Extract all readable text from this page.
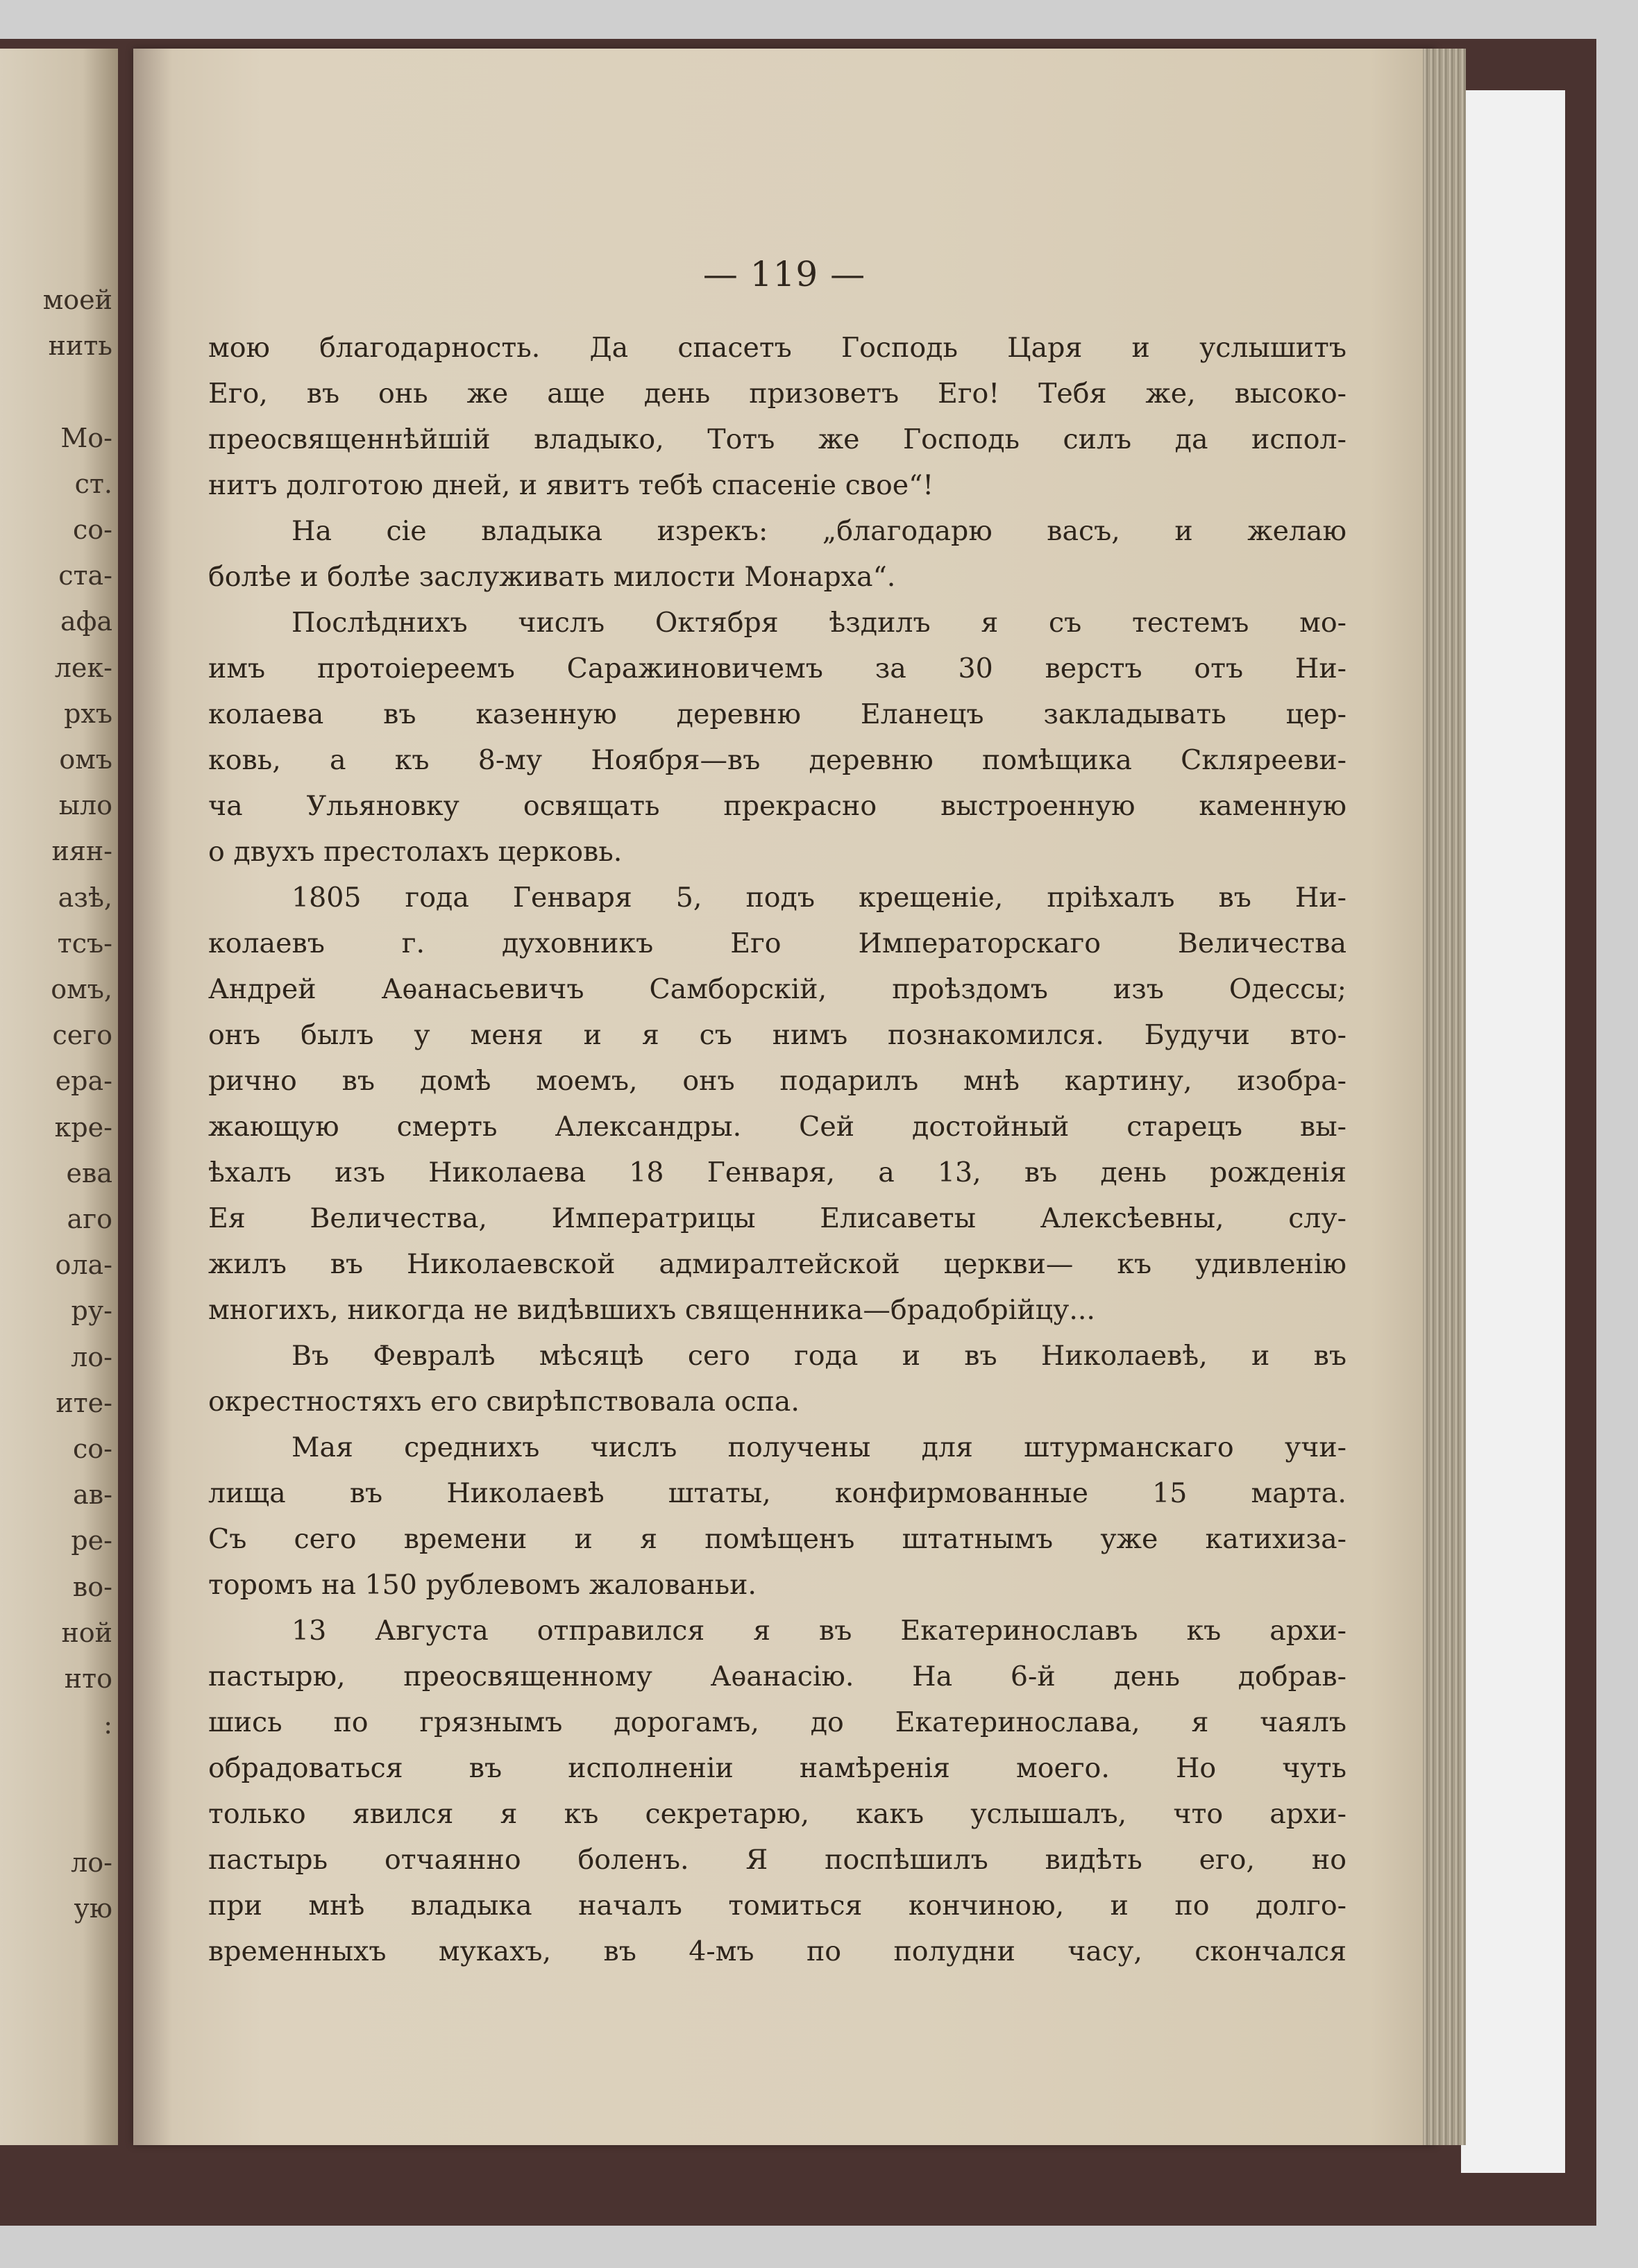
моей
нить
Мо-
ст.
со-
ста-
афа
лек-
рхъ
омъ
ыло
иян-
азѣ,
тсъ-
омъ,
сего
ера-
кре-
ева
аго
ола-
ру-
ло-
ите-
со-
ав-
ре-
во-
ной
нто
:
ло-
ую
— 119 —
мою благодарность. Да спасетъ Господь Царя и услышитъ
Его, въ онь же аще день призоветъ Его! Тебя же, высоко-
преосвященнѣйшій владыко, Тотъ же Господь силъ да испол-
нитъ долготою дней, и явитъ тебѣ спасеніе свое“!
На сіе владыка изрекъ: „благодарю васъ, и желаю
болѣе и болѣе заслуживать милости Монарха“.
Послѣднихъ числъ Октября ѣздилъ я съ тестемъ мо-
имъ протоіереемъ Саражиновичемъ за 30 верстъ отъ Ни-
колаева въ казенную деревню Еланецъ закладывать цер-
ковь, а къ 8-му Ноября—въ деревню помѣщика Склярееви-
ча Ульяновку освящать прекрасно выстроенную каменную
о двухъ престолахъ церковь.
1805 года Генваря 5, подъ крещеніе, пріѣхалъ въ Ни-
колаевъ г. духовникъ Его Императорскаго Величества
Андрей Аѳанасьевичъ Самборскій, проѣздомъ изъ Одессы;
онъ былъ у меня и я съ нимъ познакомился. Будучи вто-
рично въ домѣ моемъ, онъ подарилъ мнѣ картину, изобра-
жающую смерть Александры. Сей достойный старецъ вы-
ѣхалъ изъ Николаева 18 Генваря, а 13, въ день рожденія
Ея Величества, Императрицы Елисаветы Алексѣевны, слу-
жилъ въ Николаевской адмиралтейской церкви— къ удивленію
многихъ, никогда не видѣвшихъ священника—брадобрійцу...
Въ Февралѣ мѣсяцѣ сего года и въ Николаевѣ, и въ
окрестностяхъ его свирѣпствовала оспа.
Мая среднихъ числъ получены для штурманскаго учи-
лища въ Николаевѣ штаты, конфирмованные 15 марта.
Съ сего времени и я помѣщенъ штатнымъ уже катихиза-
торомъ на 150 рублевомъ жалованьи.
13 Августа отправился я въ Екатеринославъ къ архи-
пастырю, преосвященному Аѳанасію. На 6-й день добрав-
шись по грязнымъ дорогамъ, до Екатеринослава, я чаялъ
обрадоваться въ исполненіи намѣренія моего. Но чуть
только явился я къ секретарю, какъ услышалъ, что архи-
пастырь отчаянно боленъ. Я поспѣшилъ видѣть его, но
при мнѣ владыка началъ томиться кончиною, и по долго-
временныхъ мукахъ, въ 4-мъ по полудни часу, скончался
